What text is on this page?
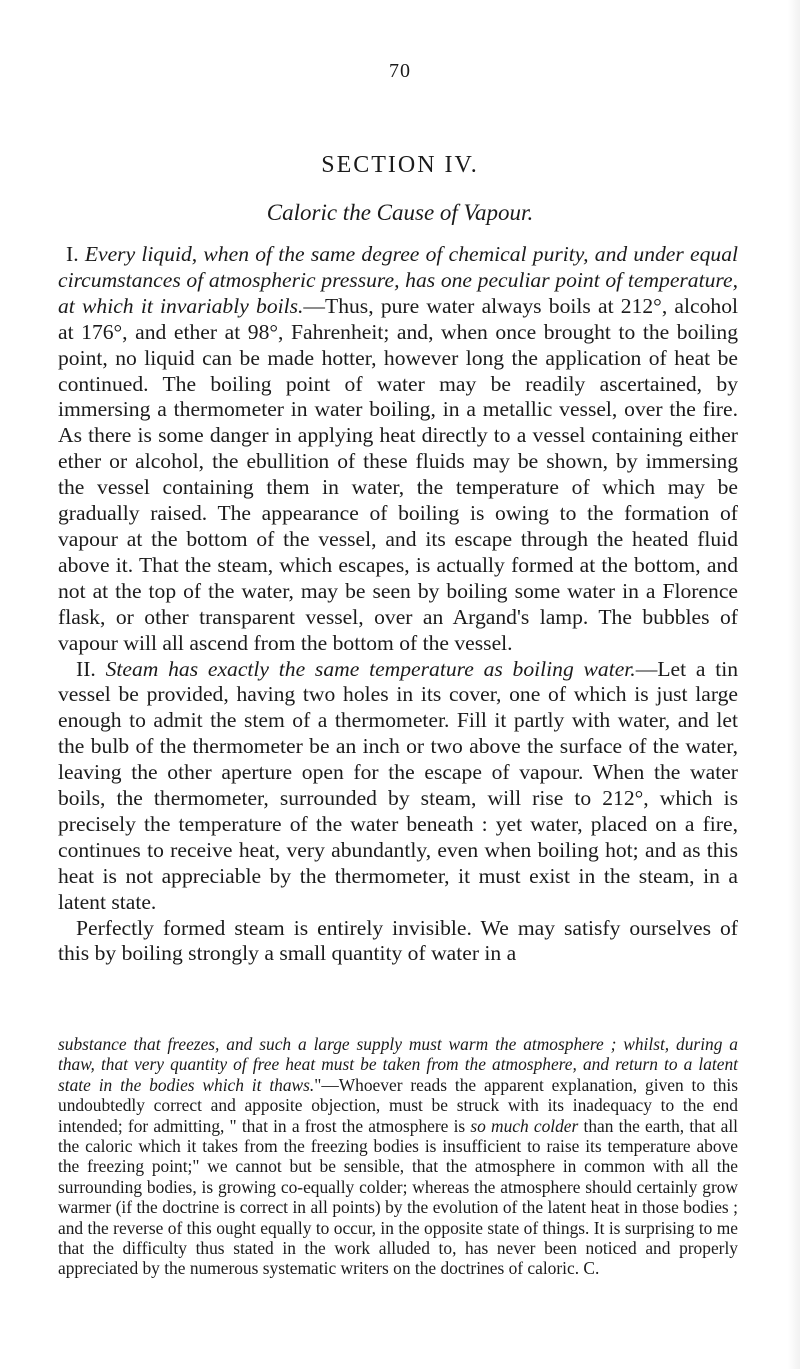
70
SECTION IV.
Caloric the Cause of Vapour.

I. Every liquid, when of the same degree of chemical purity, and under equal circumstances of atmospheric pressure, has one peculiar point of temperature, at which it invariably boils.—Thus, pure water always boils at 212°, alcohol at 176°, and ether at 98°, Fahrenheit; and, when once brought to the boiling point, no liquid can be made hotter, however long the application of heat be continued. The boiling point of water may be readily ascertained, by immersing a thermometer in water boiling, in a metallic vessel, over the fire. As there is some danger in applying heat directly to a vessel containing either ether or alcohol, the ebullition of these fluids may be shown, by immersing the vessel containing them in water, the temperature of which may be gradually raised. The appearance of boiling is owing to the formation of vapour at the bottom of the vessel, and its escape through the heated fluid above it. That the steam, which escapes, is actually formed at the bottom, and not at the top of the water, may be seen by boiling some water in a Florence flask, or other transparent vessel, over an Argand's lamp. The bubbles of vapour will all ascend from the bottom of the vessel.

II. Steam has exactly the same temperature as boiling water.—Let a tin vessel be provided, having two holes in its cover, one of which is just large enough to admit the stem of a thermometer. Fill it partly with water, and let the bulb of the thermometer be an inch or two above the surface of the water, leaving the other aperture open for the escape of vapour. When the water boils, the thermometer, surrounded by steam, will rise to 212°, which is precisely the temperature of the water beneath : yet water, placed on a fire, continues to receive heat, very abundantly, even when boiling hot; and as this heat is not appreciable by the thermometer, it must exist in the steam, in a latent state.

Perfectly formed steam is entirely invisible. We may satisfy ourselves of this by boiling strongly a small quantity of water in a

substance that freezes, and such a large supply must warm the atmosphere ; whilst, during a thaw, that very quantity of free heat must be taken from the atmosphere, and return to a latent state in the bodies which it thaws."—Whoever reads the apparent explanation, given to this undoubtedly correct and apposite objection, must be struck with its inadequacy to the end intended; for admitting, " that in a frost the atmosphere is so much colder than the earth, that all the caloric which it takes from the freezing bodies is insufficient to raise its temperature above the freezing point;" we cannot but be sensible, that the atmosphere in common with all the surrounding bodies, is growing co-equally colder; whereas the atmosphere should certainly grow warmer (if the doctrine is correct in all points) by the evolution of the latent heat in those bodies ; and the reverse of this ought equally to occur, in the opposite state of things. It is surprising to me that the difficulty thus stated in the work alluded to, has never been noticed and properly appreciated by the numerous systematic writers on the doctrines of caloric. C.
